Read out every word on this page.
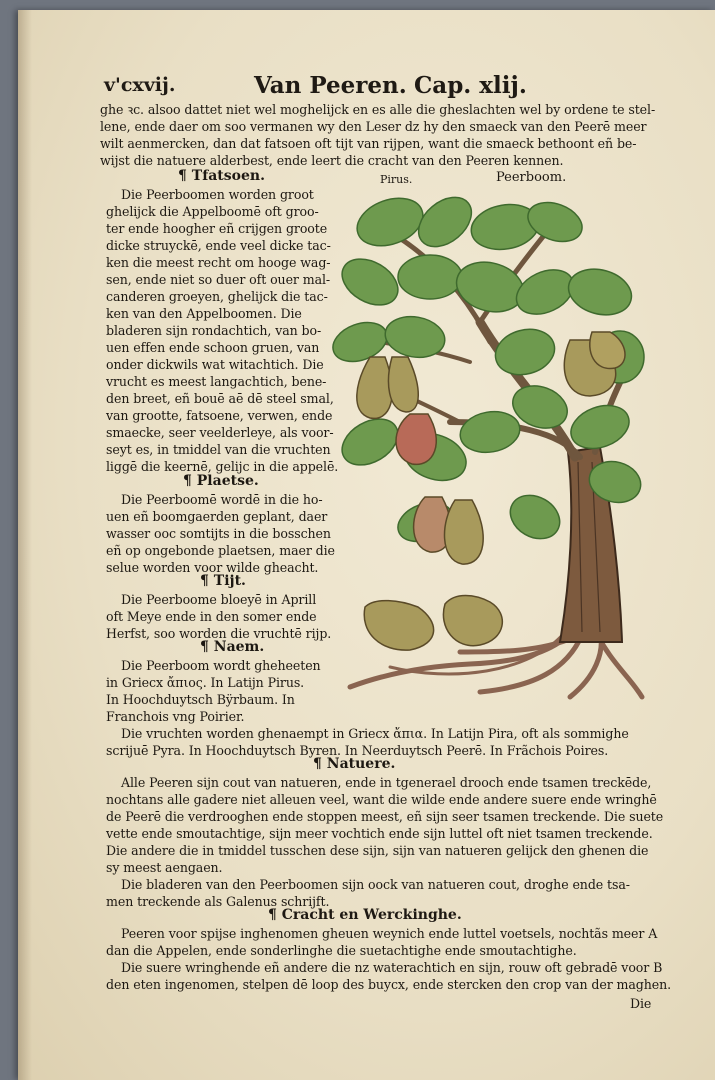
v'cxvij.	Van Peeren. Cap. xlij.
ghe ꝛc. alsoo dattet niet wel moghelijck en es alle die gheslachten wel by ordene te stel-
lene, ende daer om soo vermanen wy den Leser dz hy den smaeck van den Peerē meer
wilt aenmercken, dan dat fatsoen oft tijt van rijpen, want die smaeck bethoont eñ be-
wijst die natuere alderbest, ende leert die cracht van den Peeren kennen.
¶ Tfatsoen.	Pirus.	Peerboom.
Die Peerboomen worden groot
ghelijck die Appelboomē oft groo-
ter ende hoogher eñ crijgen groote
dicke struyckē, ende veel dicke tac-
ken die meest recht om hooge wag-
sen, ende niet so duer oft ouer mal-
canderen groeyen, ghelijck die tac-
ken van den Appelboomen. Die
bladeren sijn rondachtich, van bo-
uen effen ende schoon gruen, van
onder dickwils wat witachtich. Die
vrucht es meest langachtich, bene-
den breet, eñ bouē aē dē steel smal,
van grootte, fatsoene, verwen, ende
smaecke, seer veelderleye, als voor-
seyt es, in tmiddel van die vruchten
liggē die keernē, gelijc in die appelē.
¶ Plaetse.
Die Peerboomē wordē in die ho-
uen eñ boomgaerden geplant, daer
wasser ooc somtijts in die bosschen
eñ op ongebonde plaetsen, maer die
selue worden voor wilde gheacht.
¶ Tijt.
Die Peerboome bloeyē in Aprill
oft Meye ende in den somer ende
Herfst, soo worden die vruchtē rijp.
¶ Naem.
Die Peerboom wordt gheheeten
in Griecx ἄπιος. In Latijn Pirus.
In Hoochduytsch Bÿrbaum. In
Franchois vng Poirier.
Die vruchten worden ghenaempt in Griecx ἄπια. In Latijn Pira, oft als sommighe
scrijuē Pyra. In Hoochduytsch Byren. In Neerduytsch Peerē. In Frãchois Poires.
¶ Natuere.
Alle Peeren sijn cout van natueren, ende in tgenerael drooch ende tsamen treckēde,
nochtans alle gadere niet alleuen veel, want die wilde ende andere suere ende wringhē
de Peerē die verdrooghen ende stoppen meest, eñ sijn seer tsamen treckende. Die suete
vette ende smoutachtige, sijn meer vochtich ende sijn luttel oft niet tsamen treckende.
Die andere die in tmiddel tusschen dese sijn, sijn van natueren gelijck den ghenen die
sy meest aengaen.
Die bladeren van den Peerboomen sijn oock van natueren cout, droghe ende tsa-
men treckende als Galenus schrijft.
¶ Cracht en Werckinghe.
Peeren voor spijse inghenomen gheuen weynich ende luttel voetsels, nochtãs meer A
dan die Appelen, ende sonderlinghe die suetachtighe ende smoutachtighe.
Die suere wringhende eñ andere die nz waterachtich en sijn, rouw oft gebradē voor B
den eten ingenomen, stelpen dē loop des buycx, ende stercken den crop van der maghen.
Die
